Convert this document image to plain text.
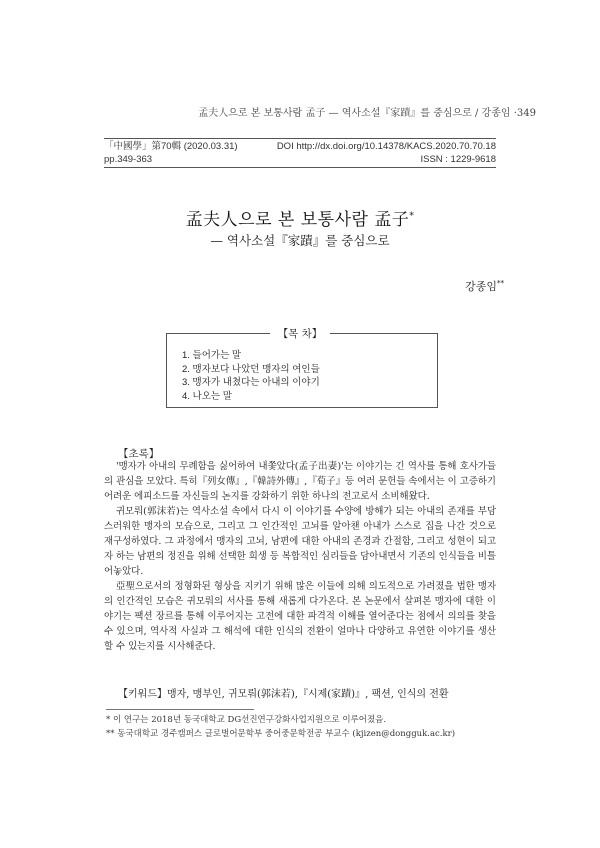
孟夫人으로 본 보통사람 孟子 — 역사소설『家蹟』를 중심으로 / 강종임 ·349
「中國學」第70輯 (2020.03.31)	DOI http://dx.doi.org/10.14378/KACS.2020.70.70.18
pp.349-363	ISSN : 1229-9618
孟夫人으로 본 보통사람 孟子*
— 역사소설『家蹟』를 중심으로
강종임**
【목 차】
1. 들어가는 말
2. 맹자보다 나았던 맹자의 여인들
3. 맹자가 내쳤다는 아내의 이야기
4. 나오는 말
【초록】

'맹자가 아내의 무례함을 싫어하여 내쫓았다(孟子出妻)'는 이야기는 긴 역사를 통해 호사가들의 관심을 모았다. 특히『列女傳』,『韓詩外傳』,『荀子』등 여러 문헌들 속에서는 이 고증하기 어려운 에피소드를 자신들의 논지를 강화하기 위한 하나의 전고로서 소비해왔다.

귀모뤄(郭沫若)는 역사소설 속에서 다시 이 이야기를 수양에 방해가 되는 아내의 존재를 부담스러워한 맹자의 모습으로, 그리고 그 인간적인 고뇌를 알아챈 아내가 스스로 집을 나간 것으로 재구성하였다. 그 과정에서 맹자의 고뇌, 남편에 대한 아내의 존경과 간절함, 그리고 성현이 되고자 하는 남편의 정진을 위해 선택한 희생 등 복합적인 심리들을 담아내면서 기존의 인식들을 비틀어놓았다.

亞聖으로서의 정형화된 형상을 지키기 위해 많은 이들에 의해 의도적으로 가려졌을 법한 맹자의 인간적인 모습은 귀모뤄의 서사를 통해 새롭게 다가온다. 본 논문에서 살펴본 맹자에 대한 이야기는 팩션 장르를 통해 이루어지는 고전에 대한 파격적 이해를 열어준다는 점에서 의의를 찾을 수 있으며, 역사적 사실과 그 해석에 대한 인식의 전환이 얼마나 다양하고 유연한 이야기를 생산할 수 있는지를 시사해준다.

【키워드】맹자, 맹부인, 귀모뤄(郭沫若),『시제(家蹟)』, 팩션, 인식의 전환
* 이 연구는 2018년 동국대학교 DG선진연구강화사업지원으로 이루어졌음.
** 동국대학교 경주캠퍼스 글로벌어문학부 중어중문학전공 부교수 (kjizen@dongguk.ac.kr)
